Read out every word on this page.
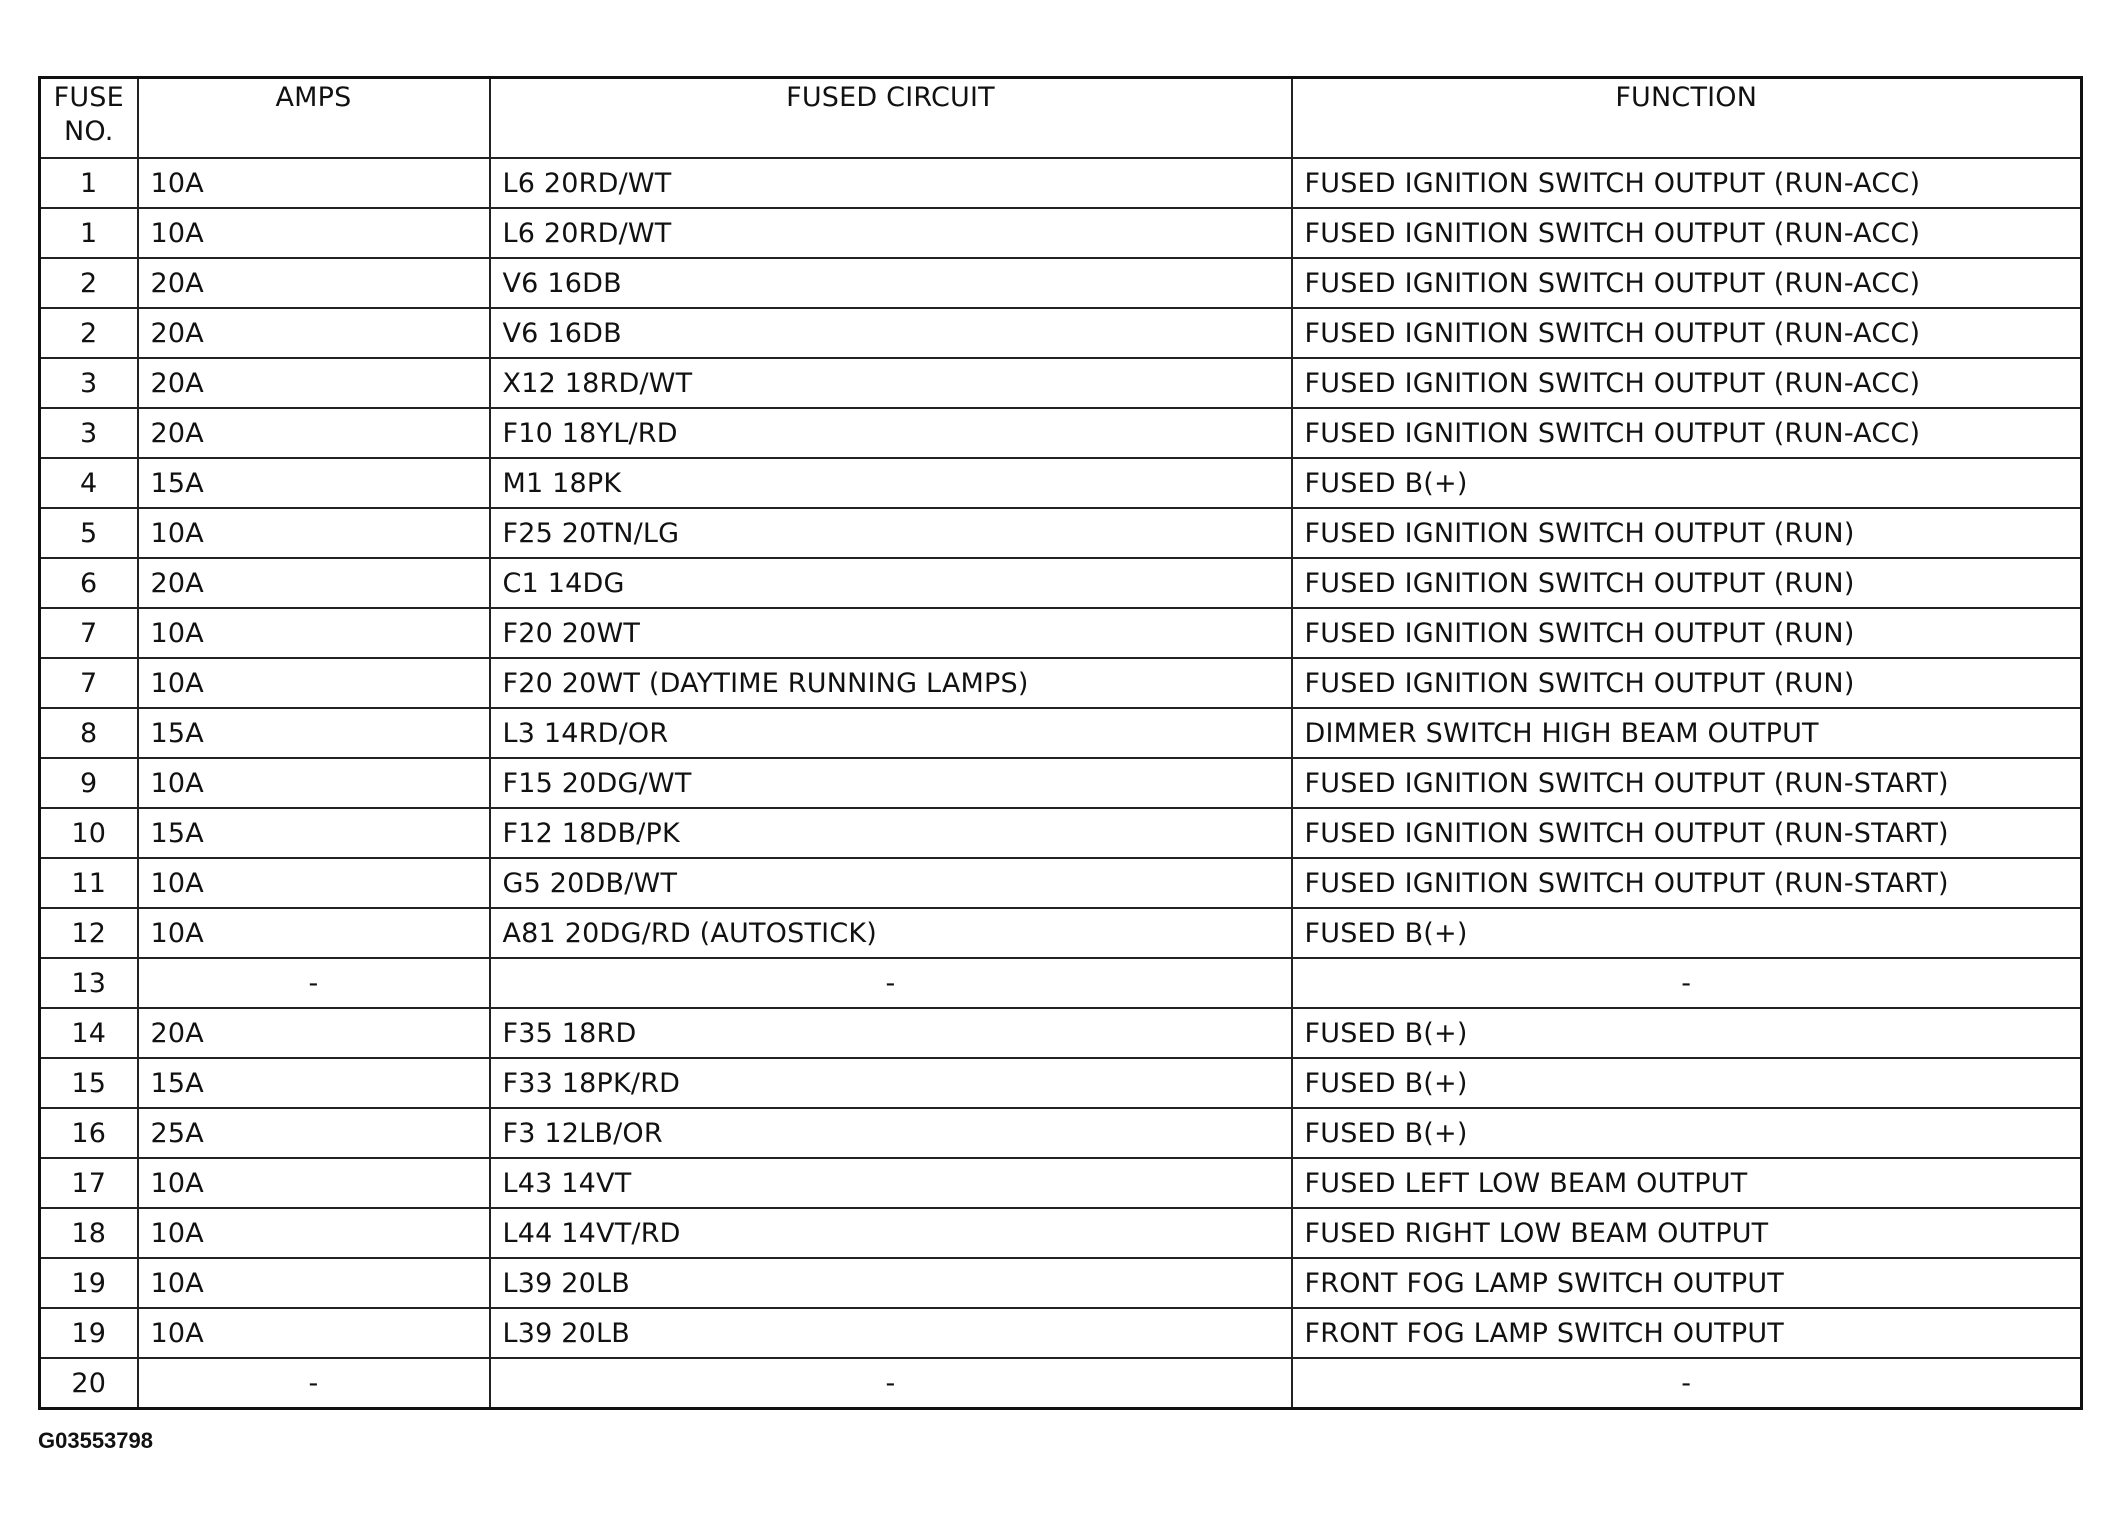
FUSE
NO.	AMPS	FUSED CIRCUIT	FUNCTION
1	10A	L6 20RD/WT	FUSED IGNITION SWITCH OUTPUT (RUN-ACC)
1	10A	L6 20RD/WT	FUSED IGNITION SWITCH OUTPUT (RUN-ACC)
2	20A	V6 16DB	FUSED IGNITION SWITCH OUTPUT (RUN-ACC)
2	20A	V6 16DB	FUSED IGNITION SWITCH OUTPUT (RUN-ACC)
3	20A	X12 18RD/WT	FUSED IGNITION SWITCH OUTPUT (RUN-ACC)
3	20A	F10 18YL/RD	FUSED IGNITION SWITCH OUTPUT (RUN-ACC)
4	15A	M1 18PK	FUSED B(+)
5	10A	F25 20TN/LG	FUSED IGNITION SWITCH OUTPUT (RUN)
6	20A	C1 14DG	FUSED IGNITION SWITCH OUTPUT (RUN)
7	10A	F20 20WT	FUSED IGNITION SWITCH OUTPUT (RUN)
7	10A	F20 20WT (DAYTIME RUNNING LAMPS)	FUSED IGNITION SWITCH OUTPUT (RUN)
8	15A	L3 14RD/OR	DIMMER SWITCH HIGH BEAM OUTPUT
9	10A	F15 20DG/WT	FUSED IGNITION SWITCH OUTPUT (RUN-START)
10	15A	F12 18DB/PK	FUSED IGNITION SWITCH OUTPUT (RUN-START)
11	10A	G5 20DB/WT	FUSED IGNITION SWITCH OUTPUT (RUN-START)
12	10A	A81 20DG/RD (AUTOSTICK)	FUSED B(+)
13	-	-	-
14	20A	F35 18RD	FUSED B(+)
15	15A	F33 18PK/RD	FUSED B(+)
16	25A	F3 12LB/OR	FUSED B(+)
17	10A	L43 14VT	FUSED LEFT LOW BEAM OUTPUT
18	10A	L44 14VT/RD	FUSED RIGHT LOW BEAM OUTPUT
19	10A	L39 20LB	FRONT FOG LAMP SWITCH OUTPUT
19	10A	L39 20LB	FRONT FOG LAMP SWITCH OUTPUT
20	-	-	-
G03553798
